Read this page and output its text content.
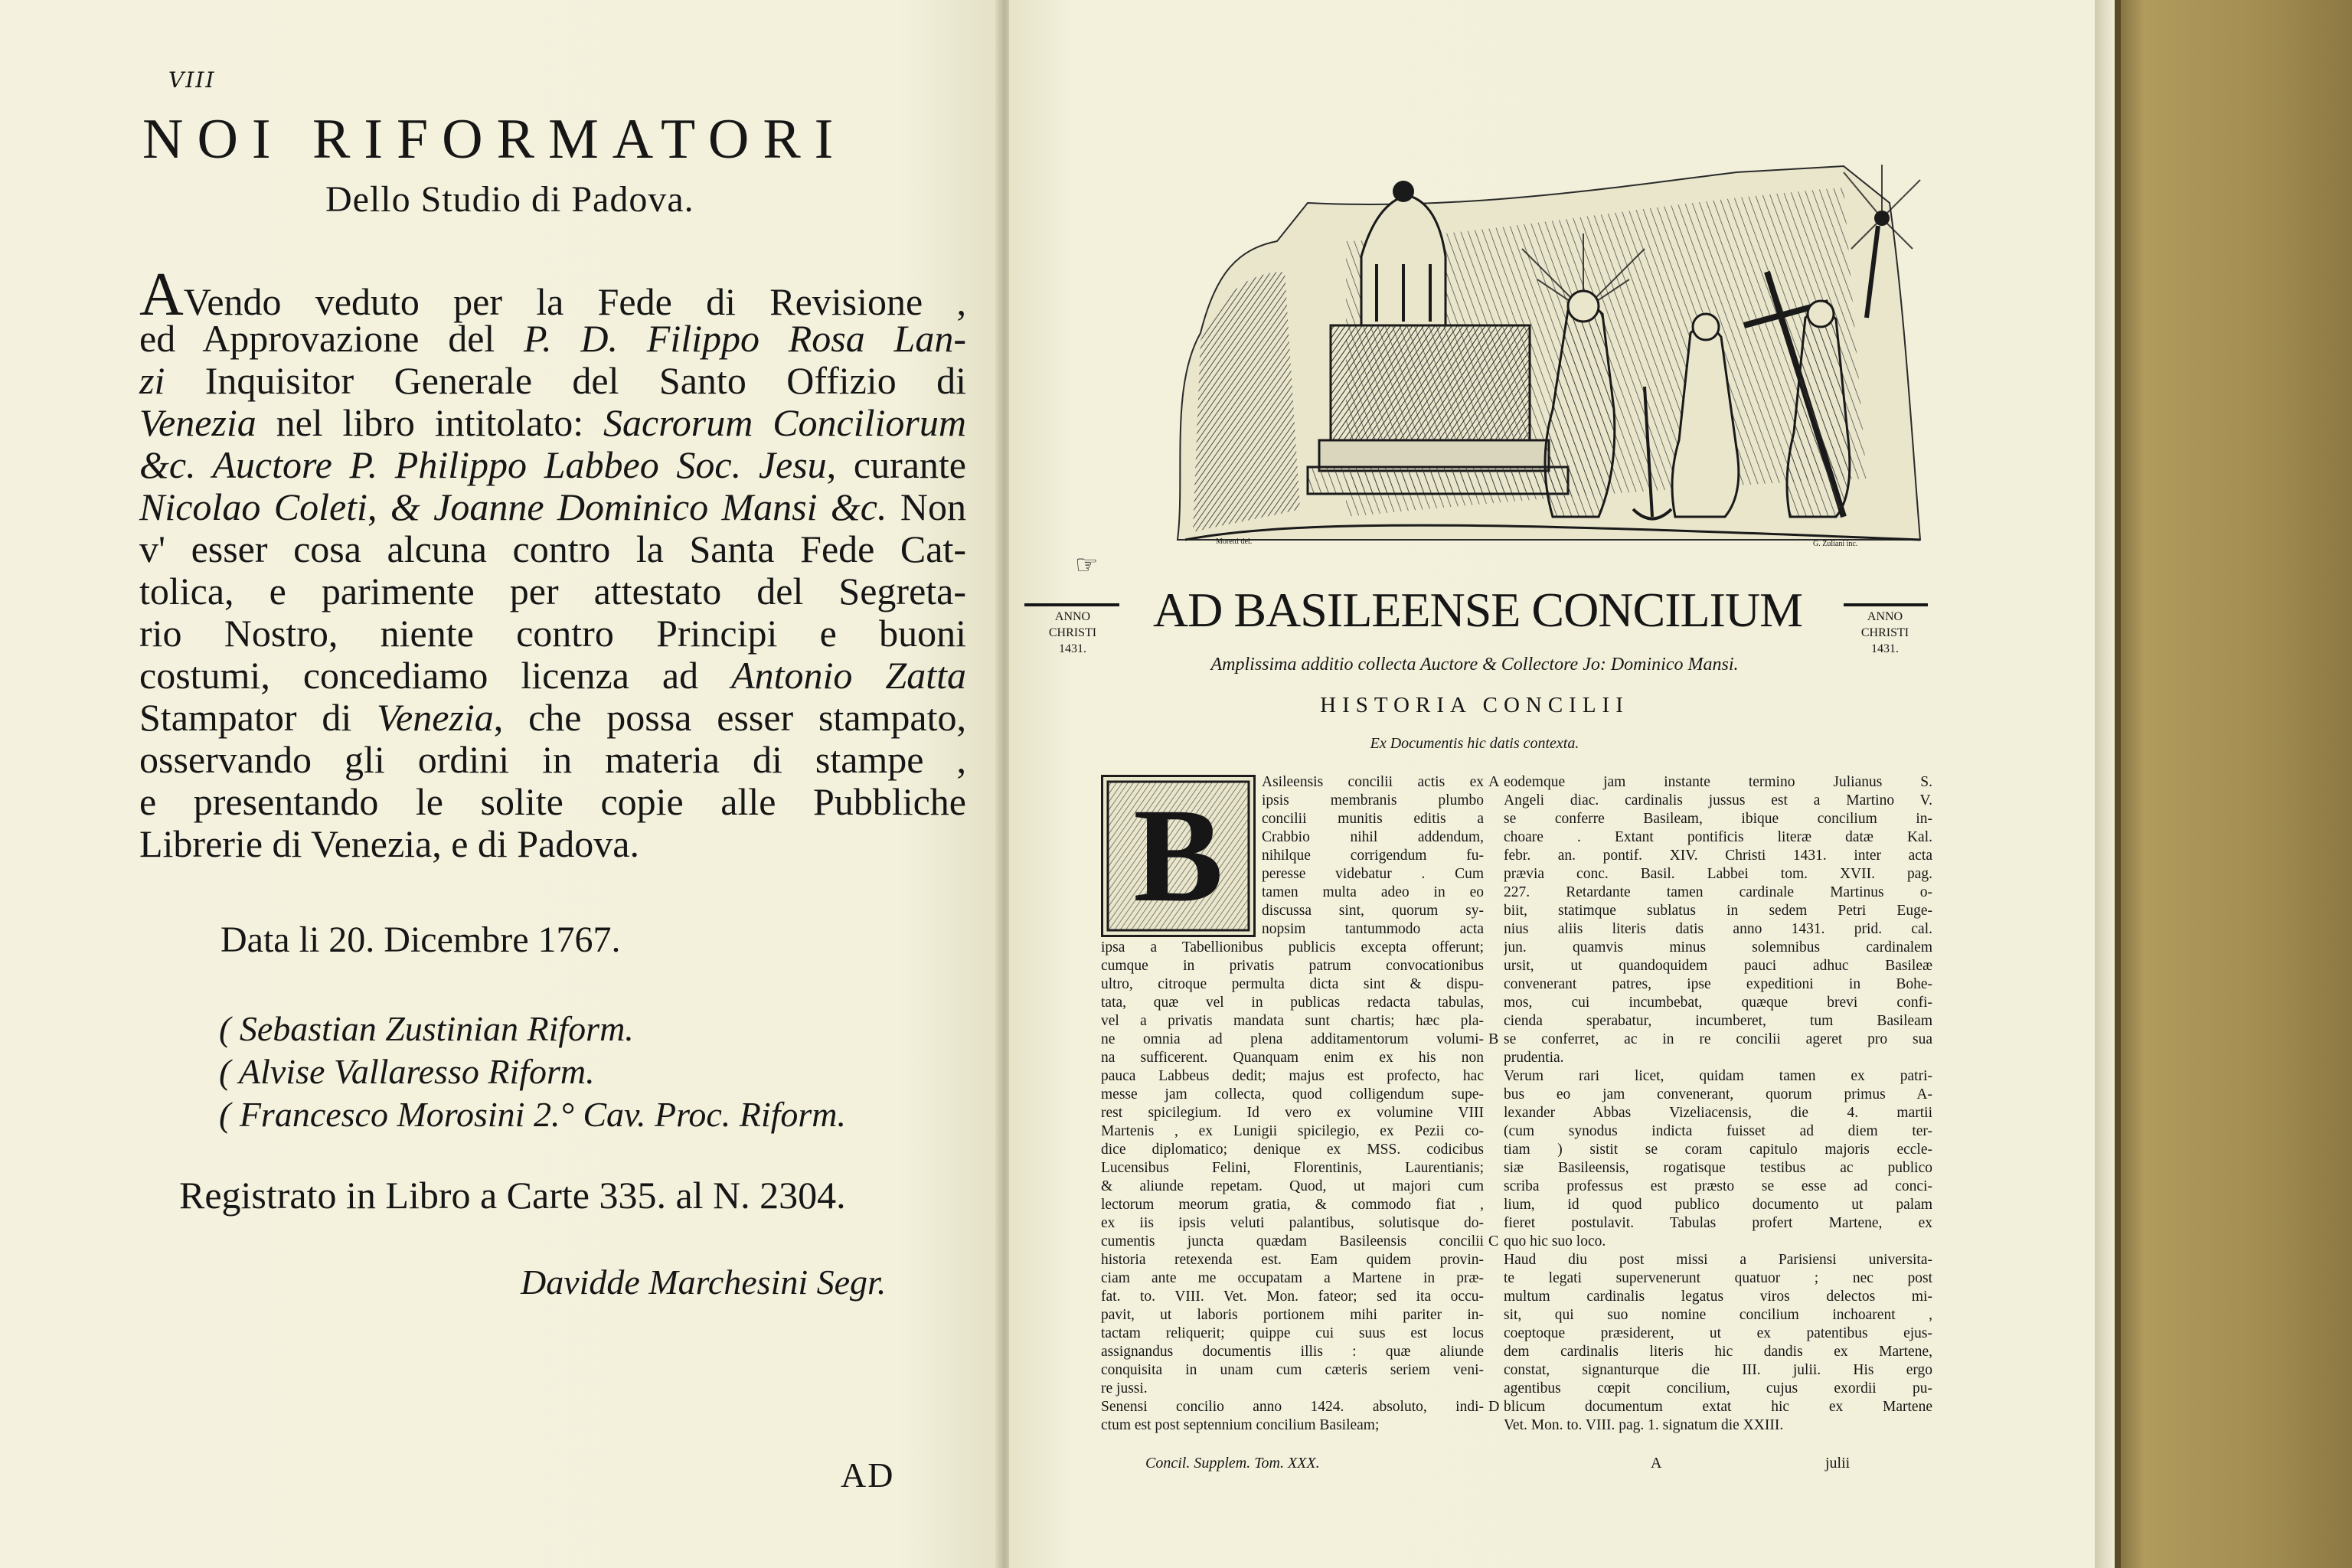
VIII
NOI RIFORMATORI
Dello Studio di Padova.
AVendo veduto per la Fede di Revisione ,
ed Approvazione del P. D. Filippo Rosa Lan-
zi Inquisitor Generale del Santo Offizio di
Venezia nel libro intitolato: Sacrorum Conciliorum
&c. Auctore P. Philippo Labbeo Soc. Jesu, curante
Nicolao Coleti, & Joanne Dominico Mansi &c. Non
v' esser cosa alcuna contro la Santa Fede Cat-
tolica, e parimente per attestato del Segreta-
rio Nostro, niente contro Principi e buoni
costumi, concediamo licenza ad Antonio Zatta
Stampator di Venezia, che possa esser stampato,
osservando gli ordini in materia di stampe ,
e presentando le solite copie alle Pubbliche
Librerie di Venezia, e di Padova.
Data li 20. Dicembre 1767.
( Sebastian Zustinian Riform.
( Alvise Vallaresso Riform.
( Francesco Morosini 2.° Cav. Proc. Riform.
Registrato in Libro a Carte 335. al N. 2304.
Davidde Marchesini Segr.
AD
Moretti del.	G. Zuliani inc.
☞
ANNO
CHRISTI
1431.
ANNO
CHRISTI
1431.
AD BASILEENSE CONCILIUM
Amplissima additio collecta Auctore & Collectore Jo: Dominico Mansi.
HISTORIA CONCILII
Ex Documentis hic datis contexta.
B	Asileensis concilii actis ex
ipsis membranis plumbo
concilii munitis editis a
Crabbio nihil addendum,
nihilque corrigendum fu-
peresse videbatur . Cum
tamen multa adeo in eo
discussa sint, quorum sy-
nopsim tantummodo acta
ipsa a Tabellionibus publicis excepta offerunt;
cumque in privatis patrum convocationibus
ultro, citroque permulta dicta sint & dispu-
tata, quæ vel in publicas redacta tabulas,
vel a privatis mandata sunt chartis; hæc pla-
ne omnia ad plena additamentorum volumi-
na sufficerent. Quanquam enim ex his non
pauca Labbeus dedit; majus est profecto, hac
messe jam collecta, quod colligendum supe-
rest spicilegium. Id vero ex volumine VIII
Martenis , ex Lunigii spicilegio, ex Pezii co-
dice diplomatico; denique ex MSS. codicibus
Lucensibus Felini, Florentinis, Laurentianis;
& aliunde repetam. Quod, ut majori cum
lectorum meorum gratia, & commodo fiat ,
ex iis ipsis veluti palantibus, solutisque do-
cumentis juncta quædam Basileensis concilii
historia retexenda est. Eam quidem provin-
ciam ante me occupatam a Martene in præ-
fat. to. VIII. Vet. Mon. fateor; sed ita occu-
pavit, ut laboris portionem mihi pariter in-
tactam reliquerit; quippe cui suus est locus
assignandus documentis illis : quæ aliunde
conquisita in unam cum cæteris seriem veni-
re jussi.
Senensi concilio anno 1424. absoluto, indi-
ctum est post septennium concilium Basileam;
eodemque jam instante termino Julianus S.
Angeli diac. cardinalis jussus est a Martino V.
se conferre Basileam, ibique concilium in-
choare . Extant pontificis literæ datæ Kal.
febr. an. pontif. XIV. Christi 1431. inter acta
prævia conc. Basil. Labbei tom. XVII. pag.
227. Retardante tamen cardinale Martinus o-
biit, statimque sublatus in sedem Petri Euge-
nius aliis literis datis anno 1431. prid. cal.
jun. quamvis minus solemnibus cardinalem
ursit, ut quandoquidem pauci adhuc Basileæ
convenerant patres, ipse expeditioni in Bohe-
mos, cui incumbebat, quæque brevi confi-
cienda sperabatur, incumberet, tum Basileam
se conferret, ac in re concilii ageret pro sua
prudentia.
Verum rari licet, quidam tamen ex patri-
bus eo jam convenerant, quorum primus A-
lexander Abbas Vizeliacensis, die 4. martii
(cum synodus indicta fuisset ad diem ter-
tiam ) sistit se coram capitulo majoris eccle-
siæ Basileensis, rogatisque testibus ac publico
scriba professus est præsto se esse ad conci-
lium, id quod publico documento ut palam
fieret postulavit. Tabulas profert Martene, ex
quo hic suo loco.
Haud diu post missi a Parisiensi universita-
te legati supervenerunt quatuor ; nec post
multum cardinalis legatus viros delectos mi-
sit, qui suo nomine concilium inchoarent ,
coeptoque præsiderent, ut ex patentibus ejus-
dem cardinalis literis hic dandis ex Martene,
constat, signanturque die III. julii. His ergo
agentibus cœpit concilium, cujus exordii pu-
blicum documentum extat hic ex Martene
Vet. Mon. to. VIII. pag. 1. signatum die XXIII.
A
B
C
D
Concil. Supplem. Tom. XXX.	A	julii
